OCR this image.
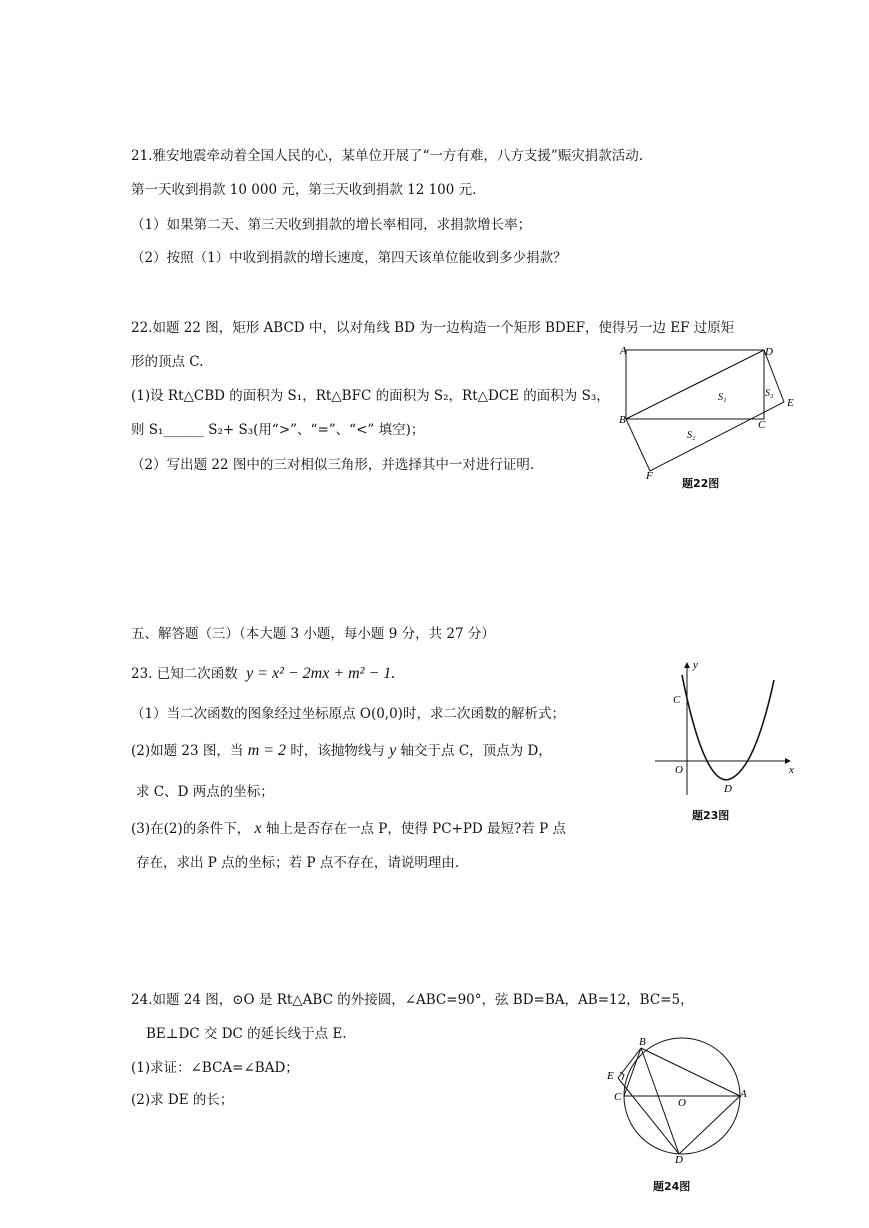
21.雅安地震牵动着全国人民的心，某单位开展了“一方有难，八方支援”赈灾捐款活动.
第一天收到捐款 10 000 元，第三天收到捐款 12 100 元.
（1）如果第二天、第三天收到捐款的增长率相同，求捐款增长率；
（2）按照（1）中收到捐款的增长速度，第四天该单位能收到多少捐款？
22.如题 22 图，矩形 ABCD 中，以对角线 BD 为一边构造一个矩形 BDEF，使得另一边 EF 过原矩
形的顶点 C.
(1)设 Rt△CBD 的面积为 S₁，Rt△BFC 的面积为 S₂，Rt△DCE 的面积为 S₃，
则 S₁______ S₂+ S₃(用“>”、“=”、“<” 填空)；
（2）写出题 22 图中的三对相似三角形，并选择其中一对进行证明.
A	D
B	C
E
F
S₁
S₂
S₃
题22图
五、解答题（三）（本大题 3 小题，每小题 9 分，共 27 分）
23. 已知二次函数 y = x² − 2mx + m² − 1.
（1）当二次函数的图象经过坐标原点 O(0,0)时，求二次函数的解析式；
(2)如题 23 图，当 m = 2 时，该抛物线与 y 轴交于点 C，顶点为 D，
求 C、D 两点的坐标；
(3)在(2)的条件下， x 轴上是否存在一点 P，使得 PC+PD 最短?若 P 点
存在，求出 P 点的坐标；若 P 点不存在，请说明理由.
y
x
O
C
D
题23图
24.如题 24 图，⊙O 是 Rt△ABC 的外接圆，∠ABC=90°，弦 BD=BA，AB=12，BC=5，
BE⊥DC 交 DC 的延长线于点 E.
(1)求证：∠BCA=∠BAD；
(2)求 DE 的长；
B
E
C	A
O
D
题24图
